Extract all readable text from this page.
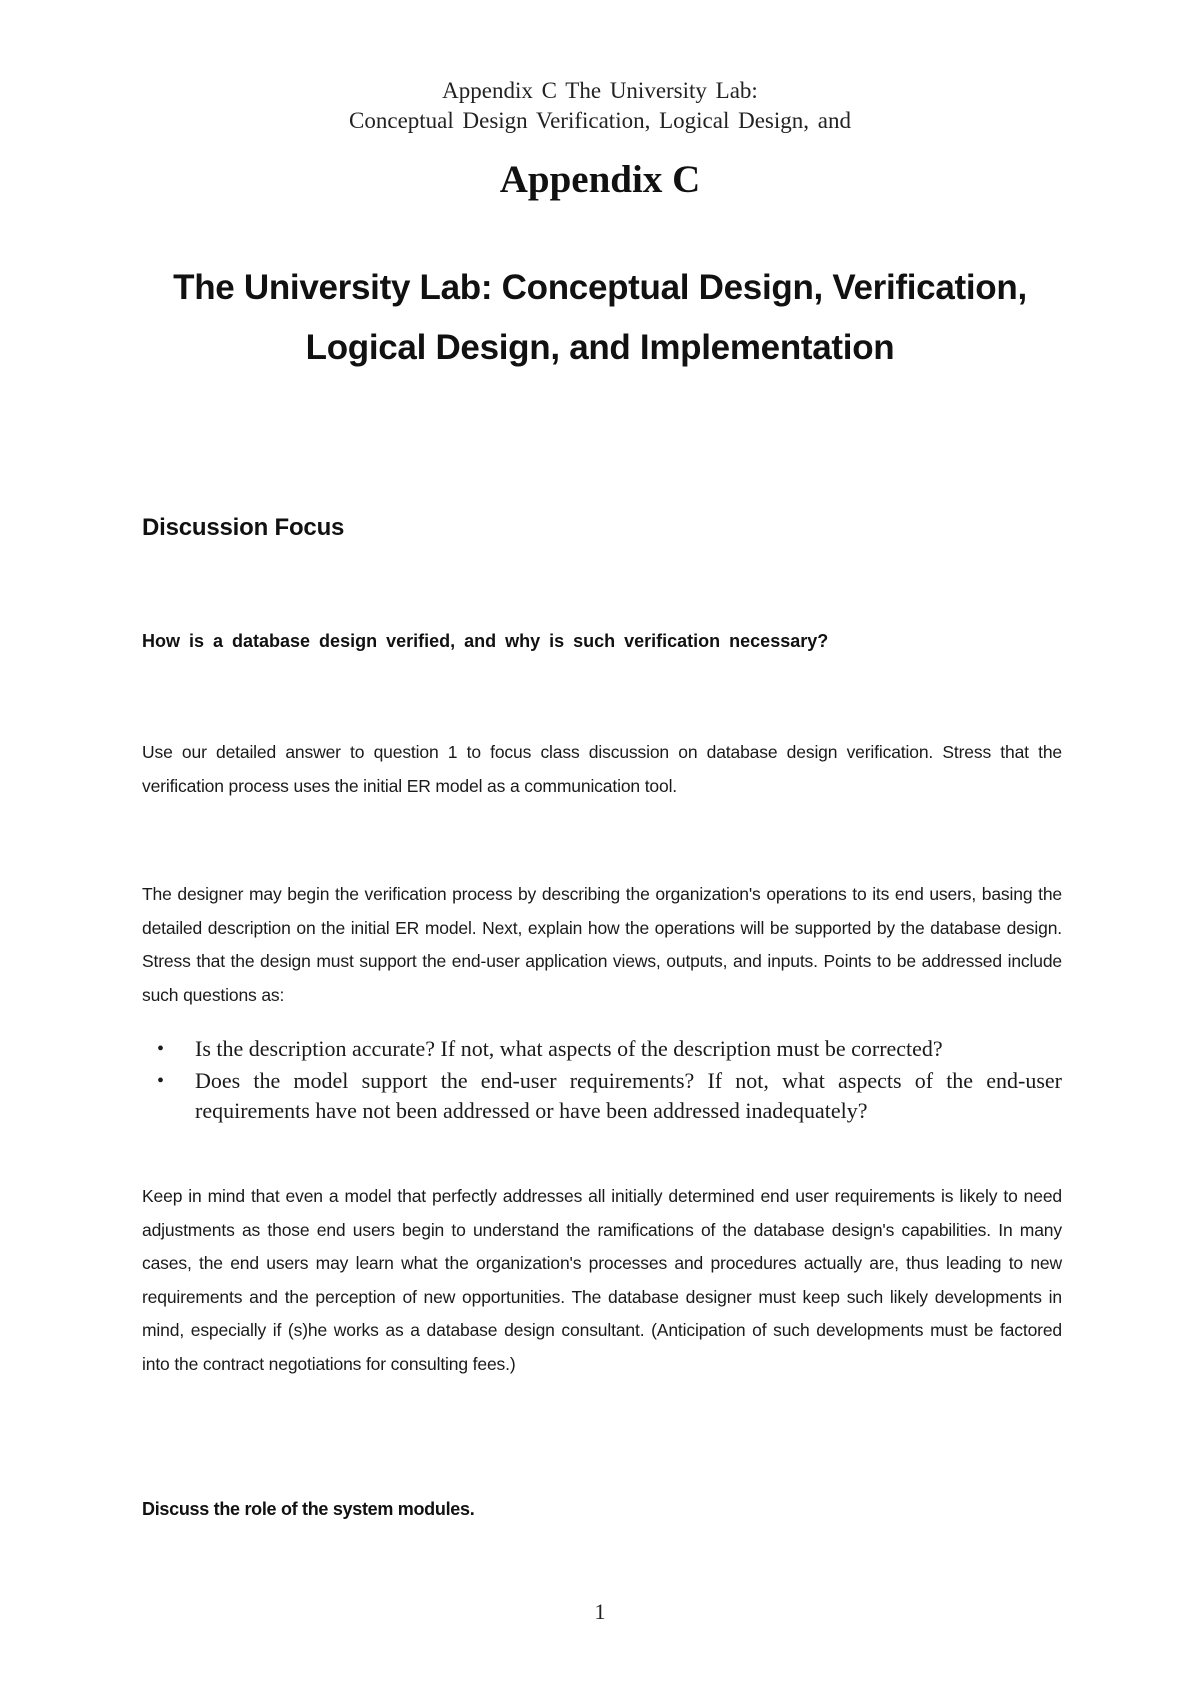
Appendix C The University Lab:
Conceptual Design Verification, Logical Design, and
Appendix C
The University Lab: Conceptual Design, Verification,
Logical Design, and Implementation
Discussion Focus
How is a database design verified, and why is such verification necessary?
Use our detailed answer to question 1 to focus class discussion on database design verification. Stress that the verification process uses the initial ER model as a communication tool.
The designer may begin the verification process by describing the organization's operations to its end users, basing the detailed description on the initial ER model. Next, explain how the operations will be supported by the database design. Stress that the design must support the end-user application views, outputs, and inputs. Points to be addressed include such questions as:
• Is the description accurate? If not, what aspects of the description must be corrected?
• Does the model support the end-user requirements? If not, what aspects of the end-user requirements have not been addressed or have been addressed inadequately?
Keep in mind that even a model that perfectly addresses all initially determined end user requirements is likely to need adjustments as those end users begin to understand the ramifications of the database design's capabilities. In many cases, the end users may learn what the organization's processes and procedures actually are, thus leading to new requirements and the perception of new opportunities. The database designer must keep such likely developments in mind, especially if (s)he works as a database design consultant. (Anticipation of such developments must be factored into the contract negotiations for consulting fees.)
Discuss the role of the system modules.
1
